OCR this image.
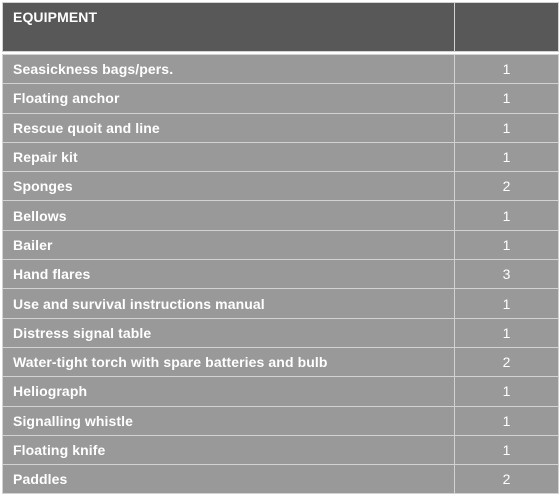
EQUIPMENT	

Seasickness bags/pers.	1
Floating anchor	1
Rescue quoit and line	1
Repair kit	1
Sponges	2
Bellows	1
Bailer	1
Hand flares	3
Use and survival instructions manual	1
Distress signal table	1
Water-tight torch with spare batteries and bulb	2
Heliograph	1
Signalling whistle	1
Floating knife	1
Paddles	2
